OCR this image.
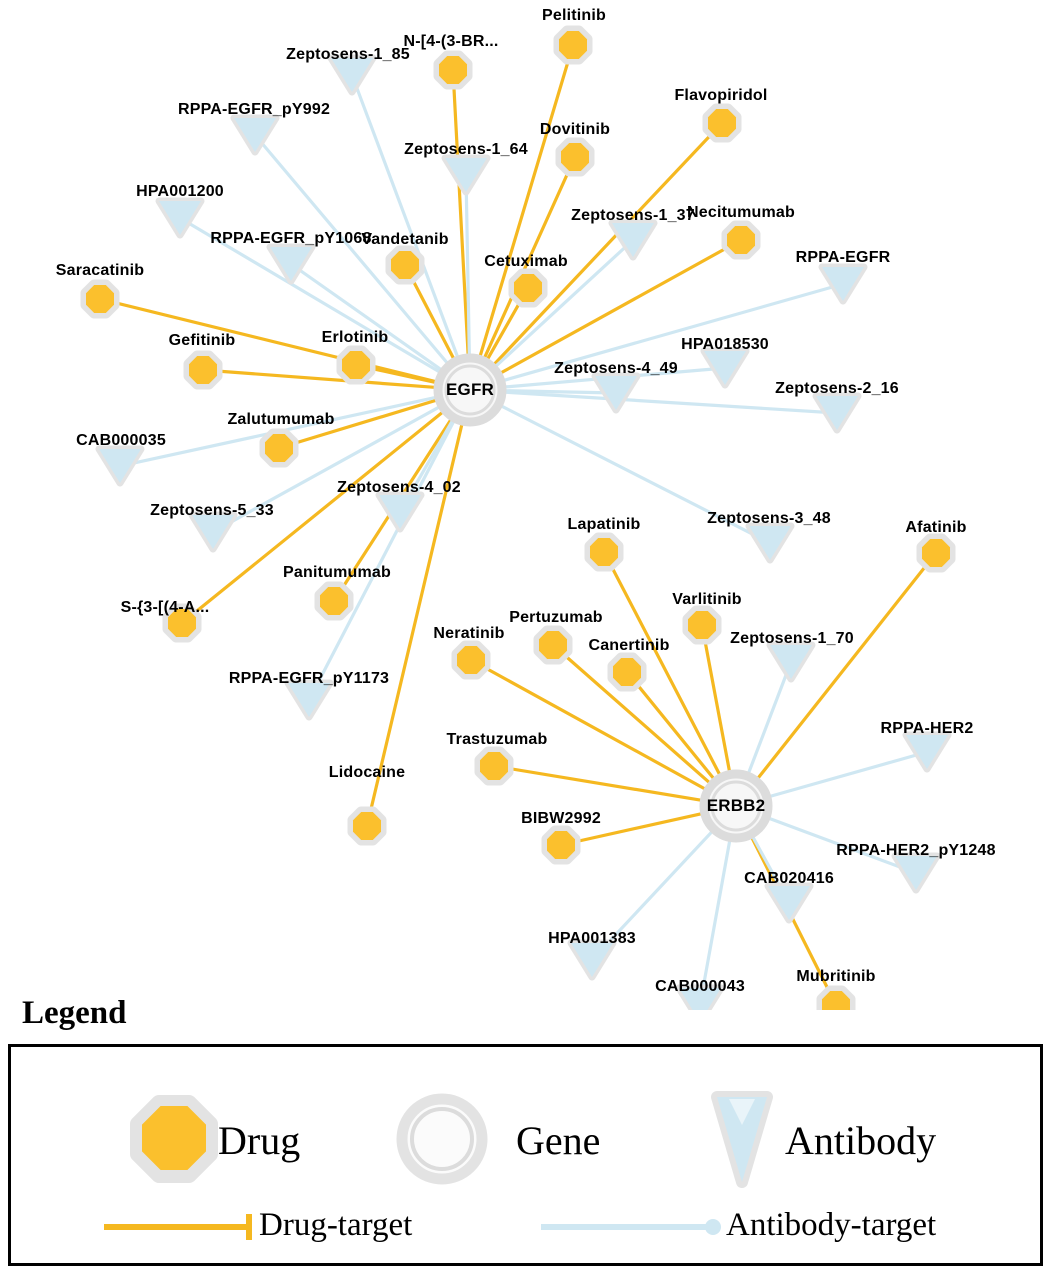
Zeptosens-1_85
RPPA-EGFR_pY992
Zeptosens-1_64
HPA001200
Zeptosens-1_37
RPPA-EGFR_pY1068
RPPA-EGFR
HPA018530
Zeptosens-4_49
Zeptosens-2_16
CAB000035
Zeptosens-4_02
Zeptosens-5_33	Zeptosens-3_48
Zeptosens-1_70
RPPA-EGFR_pY1173
RPPA-HER2
RPPA-HER2_pY1248
CAB020416
HPA001383
CAB000043
Pelitinib
N-[4-(3-BR...
Flavopiridol
Dovitinib
Necitumumab
Vandetanib
Cetuximab
Saracatinib
Gefitinib	Erlotinib
Zalutumumab
Afatinib
Lapatinib
Varlitinib
Panitumumab
S-{3-[(4-A...
Pertuzumab
Neratinib
Canertinib
Trastuzumab
Lidocaine
BIBW2992
Mubritinib
EGFR
ERBB2
Legend
Drug	Gene	Antibody
Drug-target	Antibody-target
